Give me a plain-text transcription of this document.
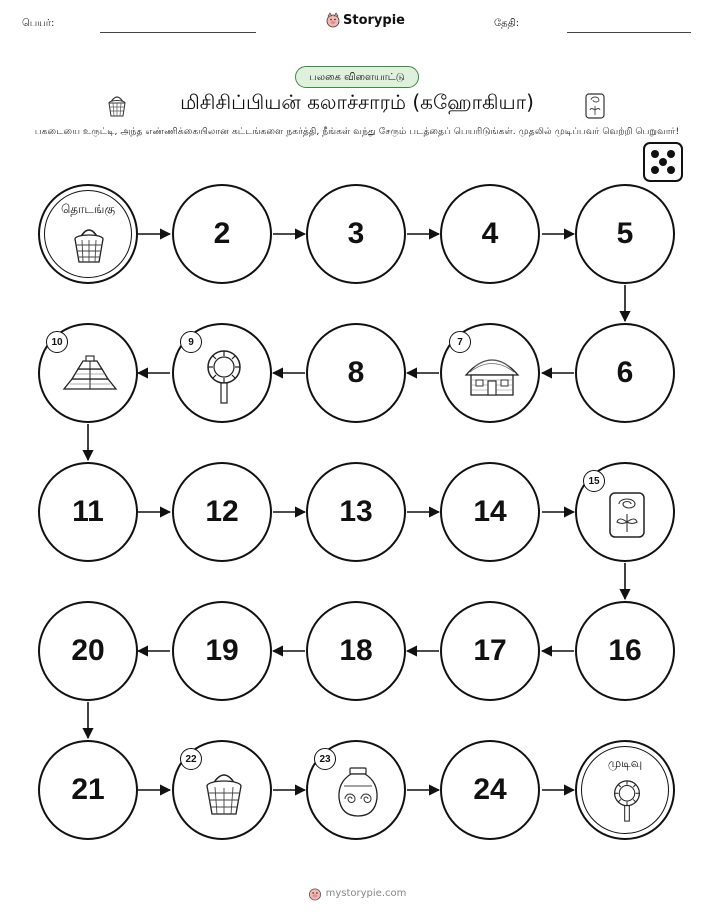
பெயர்:	Storypie	தேதி:
பலகை விளையாட்டு
மிசிசிப்பியன் கலாச்சாரம் (கஹோகியா)
பகடையை உருட்டி, அந்த எண்ணிக்கையிலான கட்டங்களை நகர்த்தி, நீங்கள் வந்து சேரும் படத்தைப் பெயரிடுங்கள். முதலில் முடிப்பவர் வெற்றி பெறுவார்!
தொடங்கு
2	3	4	5
10	9
8
7
6
11	12	13	14
15
20	19	18	17	16
21
22	23
24
முடிவு
mystorypie.com
